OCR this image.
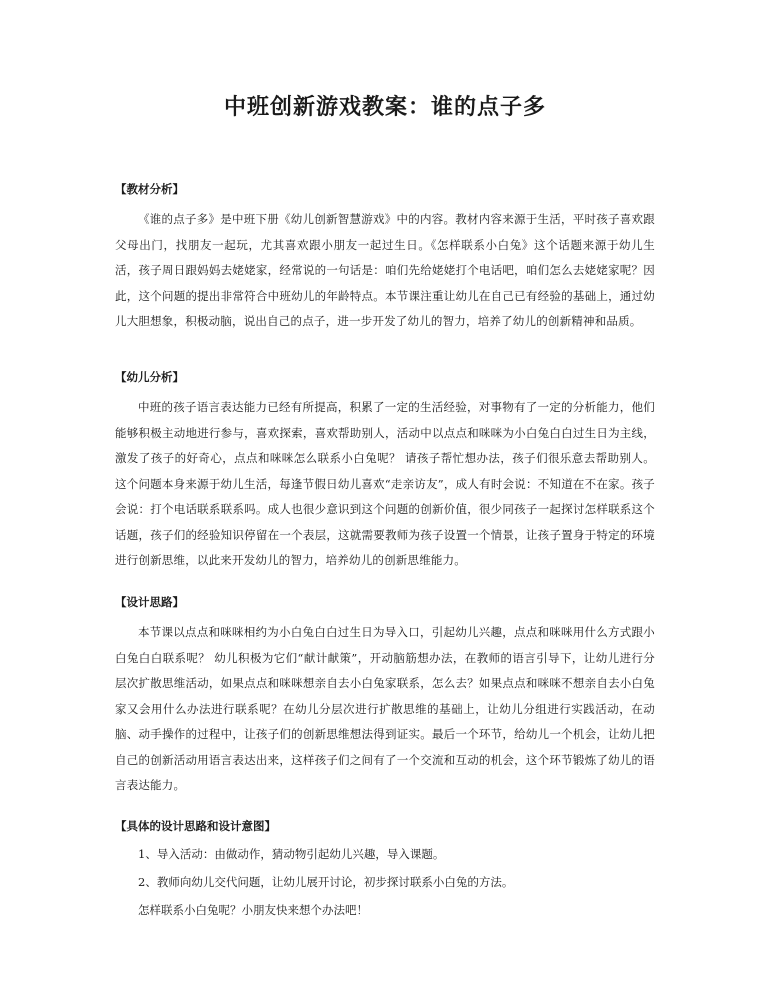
中班创新游戏教案：谁的点子多

【教材分析】

《谁的点子多》是中班下册《幼儿创新智慧游戏》中的内容。教材内容来源于生活，平时孩子喜欢跟父母出门，找朋友一起玩，尤其喜欢跟小朋友一起过生日。《怎样联系小白兔》这个话题来源于幼儿生活，孩子周日跟妈妈去姥姥家，经常说的一句话是：咱们先给姥姥打个电话吧，咱们怎么去姥姥家呢？因此，这个问题的提出非常符合中班幼儿的年龄特点。本节课注重让幼儿在自己已有经验的基础上，通过幼儿大胆想象，积极动脑，说出自己的点子，进一步开发了幼儿的智力，培养了幼儿的创新精神和品质。

【幼儿分析】

中班的孩子语言表达能力已经有所提高，积累了一定的生活经验，对事物有了一定的分析能力，他们能够积极主动地进行参与，喜欢探索，喜欢帮助别人，活动中以点点和咪咪为小白兔白白过生日为主线，激发了孩子的好奇心，点点和咪咪怎么联系小白兔呢？ 请孩子帮忙想办法，孩子们很乐意去帮助别人。这个问题本身来源于幼儿生活，每逢节假日幼儿喜欢“走亲访友”，成人有时会说：不知道在不在家。孩子会说：打个电话联系联系吗。成人也很少意识到这个问题的创新价值，很少同孩子一起探讨怎样联系这个话题，孩子们的经验知识停留在一个表层，这就需要教师为孩子设置一个情景，让孩子置身于特定的环境进行创新思维，以此来开发幼儿的智力，培养幼儿的创新思维能力。

【设计思路】

本节课以点点和咪咪相约为小白兔白白过生日为导入口，引起幼儿兴趣，点点和咪咪用什么方式跟小白兔白白联系呢？ 幼儿积极为它们“献计献策”，开动脑筋想办法，在教师的语言引导下，让幼儿进行分层次扩散思维活动，如果点点和咪咪想亲自去小白兔家联系，怎么去？如果点点和咪咪不想亲自去小白兔家又会用什么办法进行联系呢？在幼儿分层次进行扩散思维的基础上，让幼儿分组进行实践活动，在动脑、动手操作的过程中，让孩子们的创新思维想法得到证实。最后一个环节，给幼儿一个机会，让幼儿把自己的创新活动用语言表达出来，这样孩子们之间有了一个交流和互动的机会，这个环节锻炼了幼儿的语言表达能力。

【具体的设计思路和设计意图】

1、导入活动：由做动作，猜动物引起幼儿兴趣，导入课题。

2、教师向幼儿交代问题，让幼儿展开讨论，初步探讨联系小白兔的方法。

怎样联系小白兔呢？小朋友快来想个办法吧！
